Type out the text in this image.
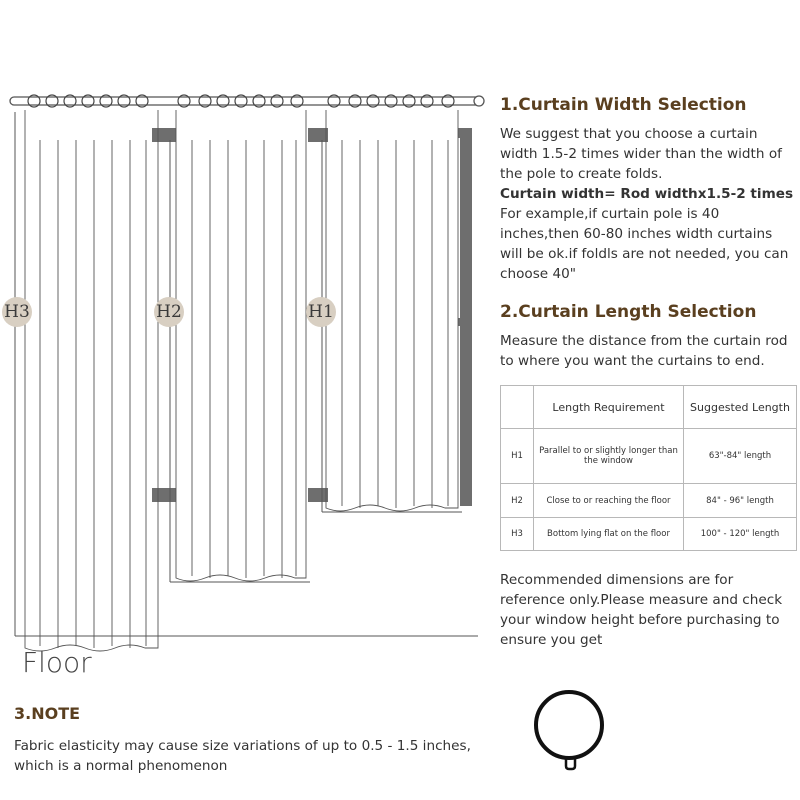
H3	H2	H1
Floor
1.Curtain Width Selection

We suggest that you choose a curtain width 1.5-2 times wider than the width of the pole to create folds.

Curtain width= Rod widthx1.5-2 times

For example,if curtain pole is 40 inches,then 60-80 inches width curtains will be ok.if foldls are not needed, you can choose 40"

2.Curtain Length Selection
Measure the distance from the curtain rod to where you want the curtains to end.
	Length Requirement	Suggested Length
H1	Parallel to or slightly longer than the window	63"-84" length
H2	Close to or reaching the floor	84" - 96" length
H3	Bottom lying flat on the floor	100" - 120" length
Recommended dimensions are for reference only.Please measure and check your window height before purchasing to ensure you get
3.NOTE
Fabric elasticity may cause size variations of up to 0.5 - 1.5 inches, which is a normal phenomenon
